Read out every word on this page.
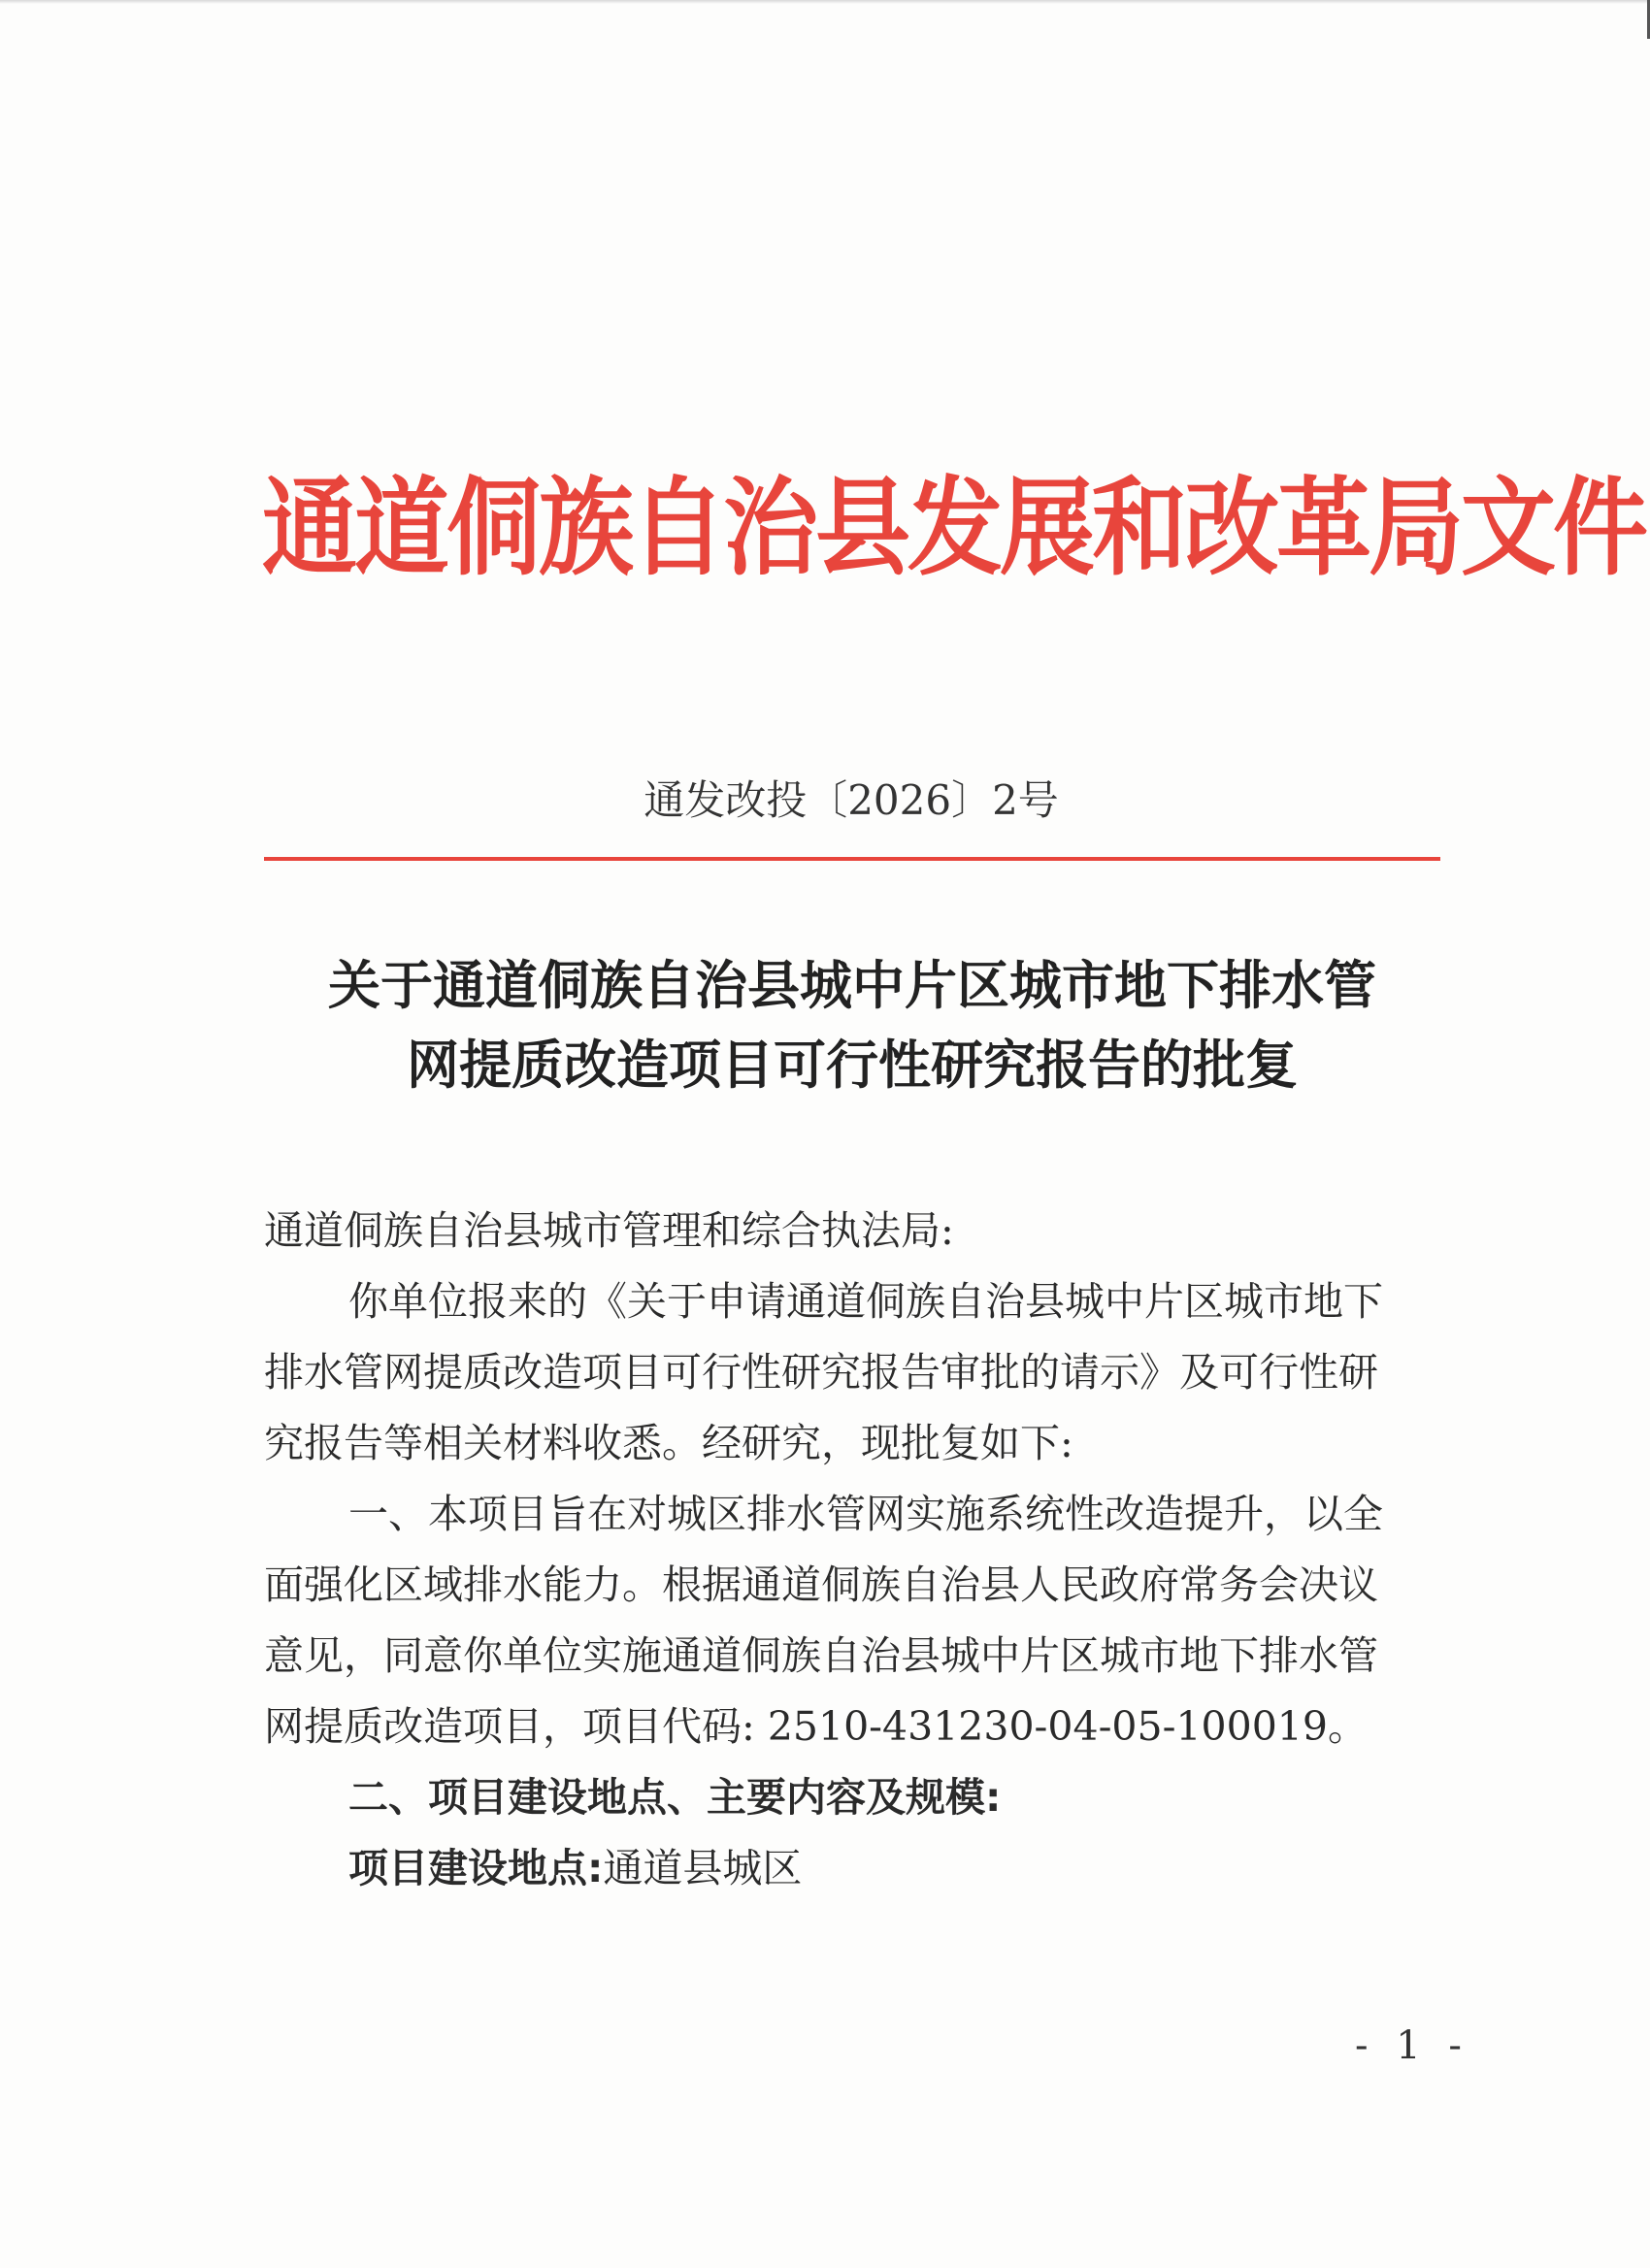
通道侗族自治县发展和改革局文件
通发改投〔2026〕2号
关于通道侗族自治县城中片区城市地下排水管
网提质改造项目可行性研究报告的批复

通道侗族自治县城市管理和综合执法局:

你单位报来的《关于申请通道侗族自治县城中片区城市地下

排水管网提质改造项目可行性研究报告审批的请示》及可行性研

究报告等相关材料收悉。经研究，现批复如下:

一、本项目旨在对城区排水管网实施系统性改造提升，以全

面强化区域排水能力。根据通道侗族自治县人民政府常务会决议

意见，同意你单位实施通道侗族自治县城中片区城市地下排水管

网提质改造项目，项目代码: 2510-431230-04-05-100019。

二、项目建设地点、主要内容及规模:

项目建设地点:通道县城区

- 1 -
